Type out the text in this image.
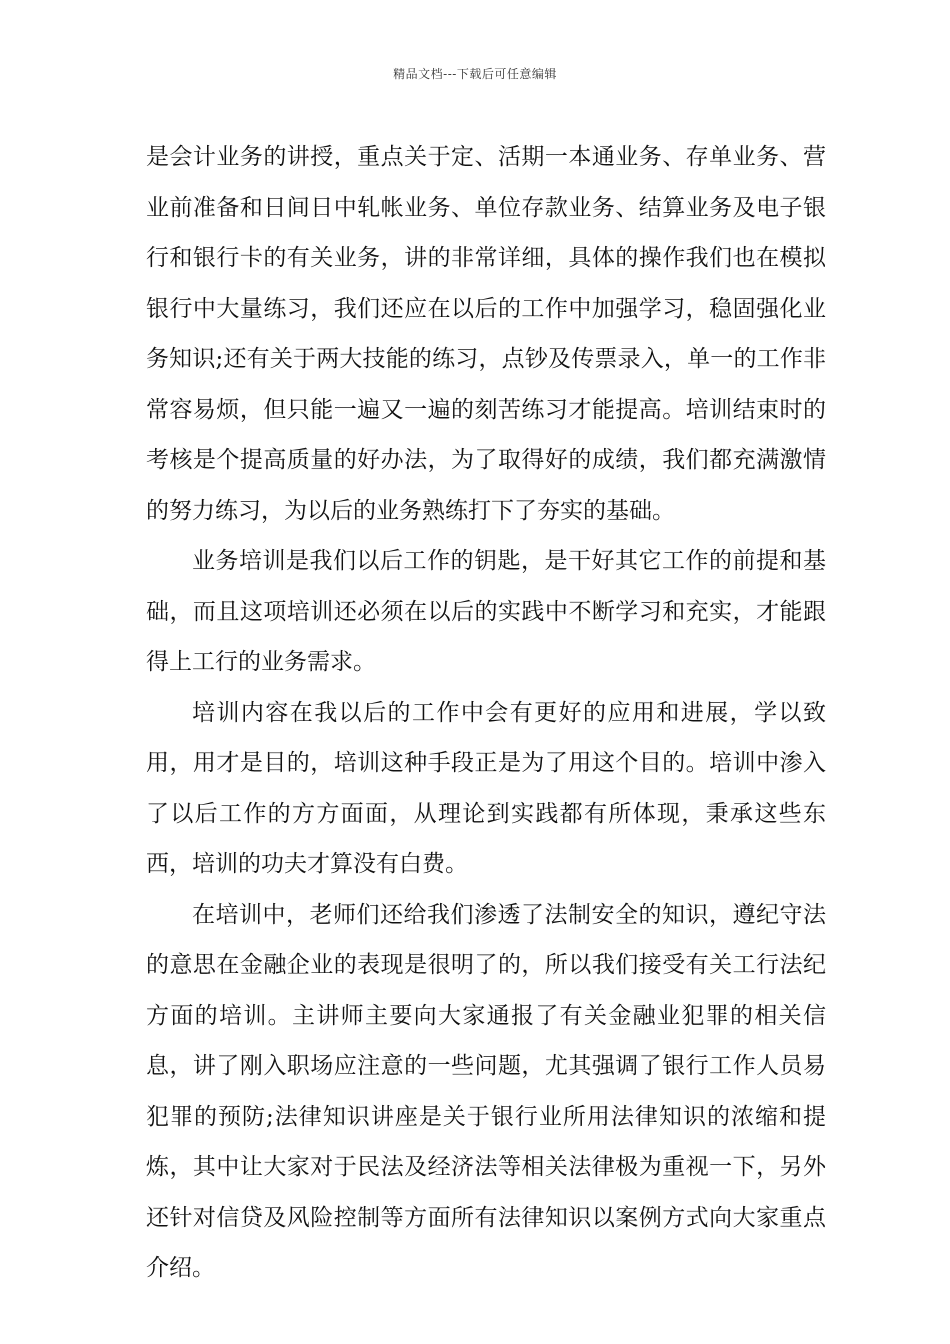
精品文档---下载后可任意编辑

是会计业务的讲授，重点关于定、活期一本通业务、存单业务、营业前准备和日间日中轧帐业务、单位存款业务、结算业务及电子银行和银行卡的有关业务，讲的非常详细，具体的操作我们也在模拟银行中大量练习，我们还应在以后的工作中加强学习，稳固强化业务知识;还有关于两大技能的练习，点钞及传票录入，单一的工作非常容易烦，但只能一遍又一遍的刻苦练习才能提高。培训结束时的考核是个提高质量的好办法，为了取得好的成绩，我们都充满激情的努力练习，为以后的业务熟练打下了夯实的基础。

业务培训是我们以后工作的钥匙，是干好其它工作的前提和基础，而且这项培训还必须在以后的实践中不断学习和充实，才能跟得上工行的业务需求。

培训内容在我以后的工作中会有更好的应用和进展，学以致用，用才是目的，培训这种手段正是为了用这个目的。培训中渗入了以后工作的方方面面，从理论到实践都有所体现，秉承这些东西，培训的功夫才算没有白费。

在培训中，老师们还给我们渗透了法制安全的知识，遵纪守法的意思在金融企业的表现是很明了的，所以我们接受有关工行法纪方面的培训。主讲师主要向大家通报了有关金融业犯罪的相关信息，讲了刚入职场应注意的一些问题，尤其强调了银行工作人员易犯罪的预防;法律知识讲座是关于银行业所用法律知识的浓缩和提炼，其中让大家对于民法及经济法等相关法律极为重视一下，另外还针对信贷及风险控制等方面所有法律知识以案例方式向大家重点介绍。
